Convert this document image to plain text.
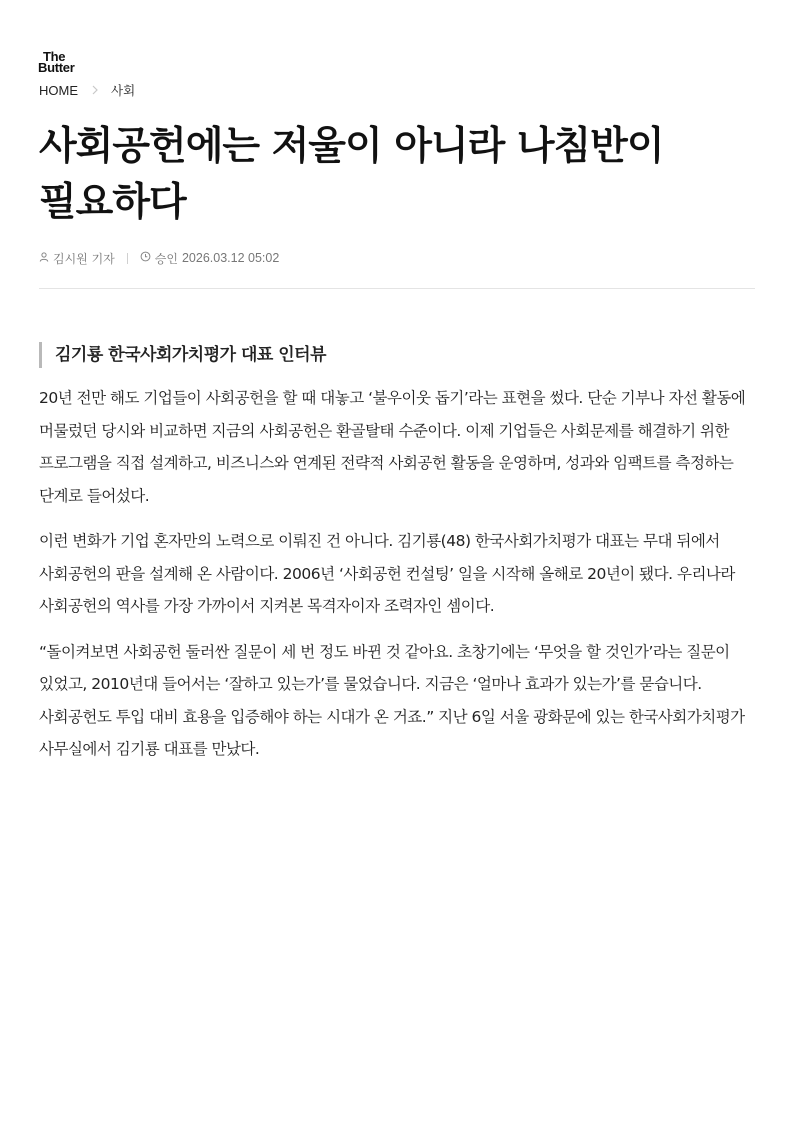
The
Butter
HOME	사회
사회공헌에는 저울이 아니라 나침반이 필요하다
김시원 기자	승인 2026.03.12 05:02
김기룡 한국사회가치평가 대표 인터뷰

20년 전만 해도 기업들이 사회공헌을 할 때 대놓고 ‘불우이웃 돕기’라는 표현을 썼다. 단순 기부나 자선 활동에 머물렀던 당시와 비교하면 지금의 사회공헌은 환골탈태 수준이다. 이제 기업들은 사회문제를 해결하기 위한 프로그램을 직접 설계하고, 비즈니스와 연계된 전략적 사회공헌 활동을 운영하며, 성과와 임팩트를 측정하는 단계로 들어섰다.

이런 변화가 기업 혼자만의 노력으로 이뤄진 건 아니다. 김기룡(48) 한국사회가치평가 대표는 무대 뒤에서 사회공헌의 판을 설계해 온 사람이다. 2006년 ‘사회공헌 컨설팅’ 일을 시작해 올해로 20년이 됐다. 우리나라 사회공헌의 역사를 가장 가까이서 지켜본 목격자이자 조력자인 셈이다.

“돌이켜보면 사회공헌 둘러싼 질문이 세 번 정도 바뀐 것 같아요. 초창기에는 ‘무엇을 할 것인가’라는 질문이 있었고, 2010년대 들어서는 ‘잘하고 있는가’를 물었습니다. 지금은 ‘얼마나 효과가 있는가’를 묻습니다. 사회공헌도 투입 대비 효용을 입증해야 하는 시대가 온 거죠.” 지난 6일 서울 광화문에 있는 한국사회가치평가 사무실에서 김기룡 대표를 만났다.
